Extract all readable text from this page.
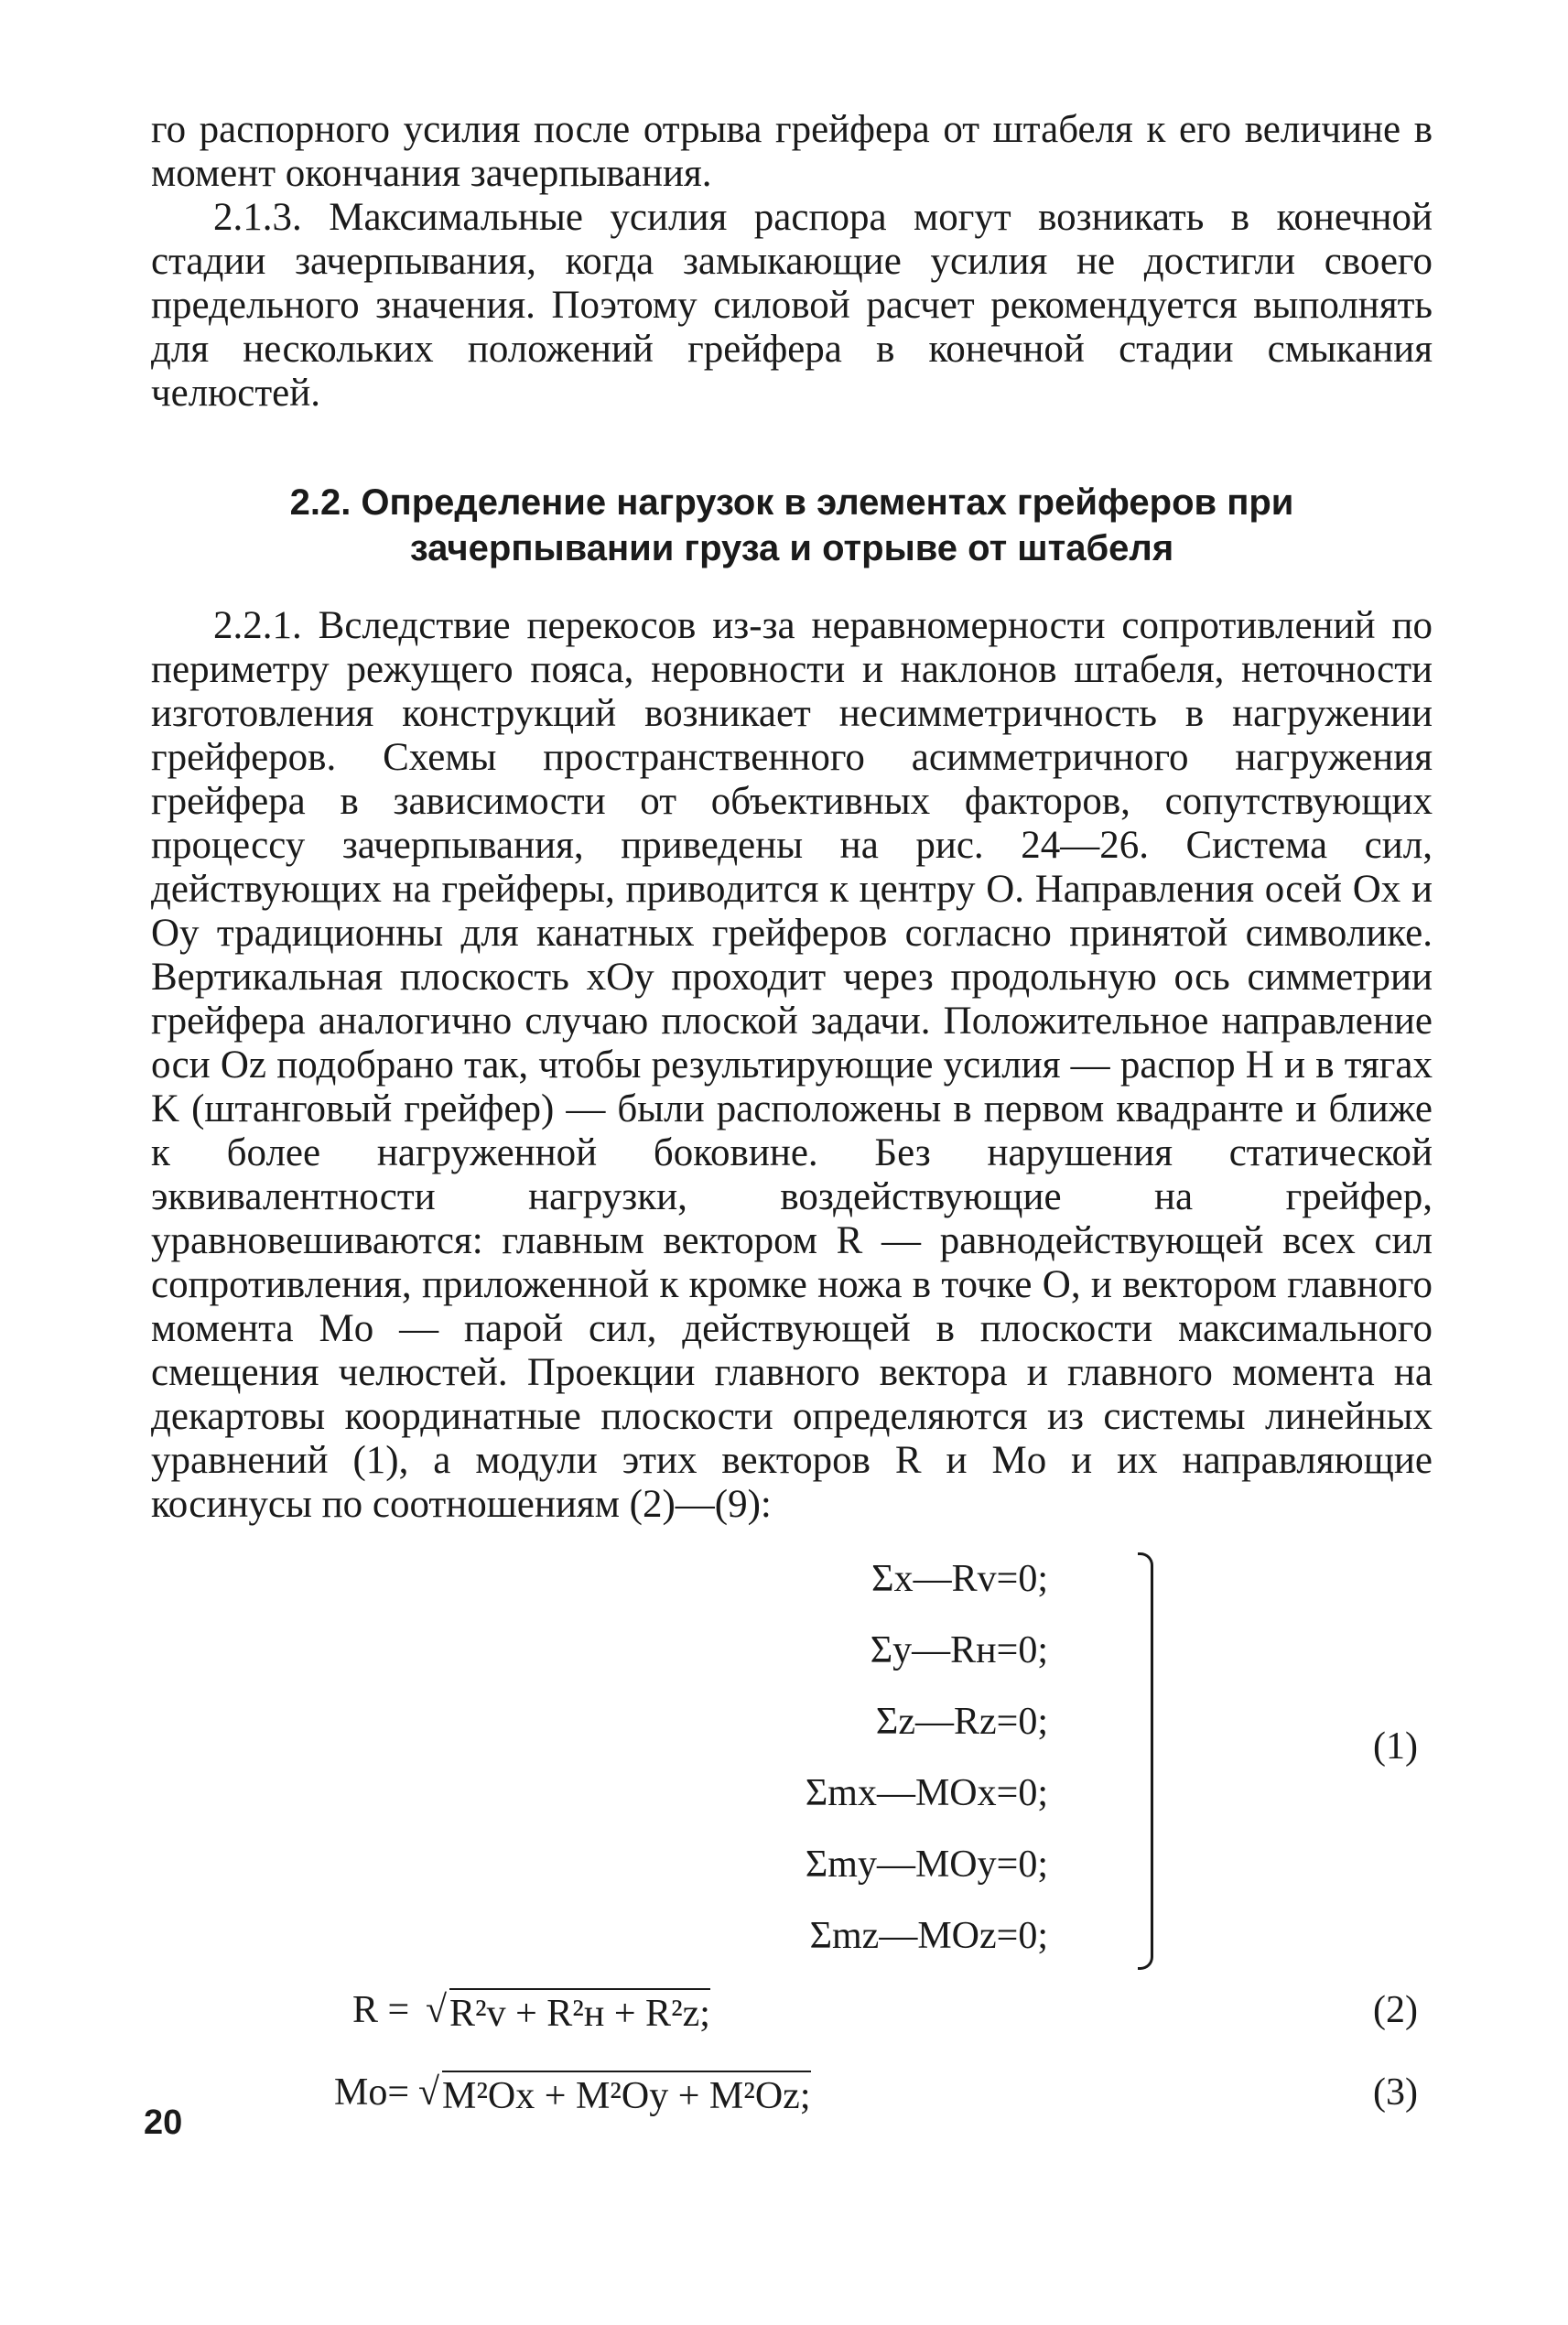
го распорного усилия после отрыва грейфера от штабеля к его величине в момент окончания зачерпывания.

2.1.3. Максимальные усилия распора могут возникать в конечной стадии зачерпывания, когда замыкающие усилия не достигли своего предельного значения. Поэтому силовой расчет рекомендуется выполнять для нескольких положений грейфера в конечной стадии смыкания челюстей.

2.2. Определение нагрузок в элементах грейферов при
зачерпывании груза и отрыве от штабеля

2.2.1. Вследствие перекосов из-за неравномерности сопротивлений по периметру режущего пояса, неровности и наклонов штабеля, неточности изготовления конструкций возникает несимметричность в нагружении грейферов. Схемы пространственного асимметричного нагружения грейфера в зависимости от объективных факторов, сопутствующих процессу зачерпывания, приведены на рис. 24—26. Система сил, действующих на грейферы, приводится к центру O. Направления осей Ox и Oy традиционны для канатных грейферов согласно принятой символике. Вертикальная плоскость xOy проходит через продольную ось симметрии грейфера аналогично случаю плоской задачи. Положительное направление оси Oz подобрано так, чтобы результирующие усилия — распор H и в тягах K (штанговый грейфер) — были расположены в первом квадранте и ближе к более нагруженной боковине. Без нарушения статической эквивалентности нагрузки, воздействующие на грейфер, уравновешиваются: главным вектором R — равнодействующей всех сил сопротивления, приложенной к кромке ножа в точке O, и вектором главного момента Mo — парой сил, действующей в плоскости максимального смещения челюстей. Проекции главного вектора и главного момента на декартовы координатные плоскости определяются из системы линейных уравнений (1), а модули этих векторов R и Mo и их направляющие косинусы по соотношениям (2)—(9):

Σx—Rv=0;
Σy—Rн=0;
Σz—Rz=0;
Σmx—MOx=0;
Σmy—MOy=0;
Σmz—MOz=0;
(1)
R = √ R²v + R²н + R²z;	(2)
Mo= √ M²Ox + M²Oy + M²Oz;	(3)
20
